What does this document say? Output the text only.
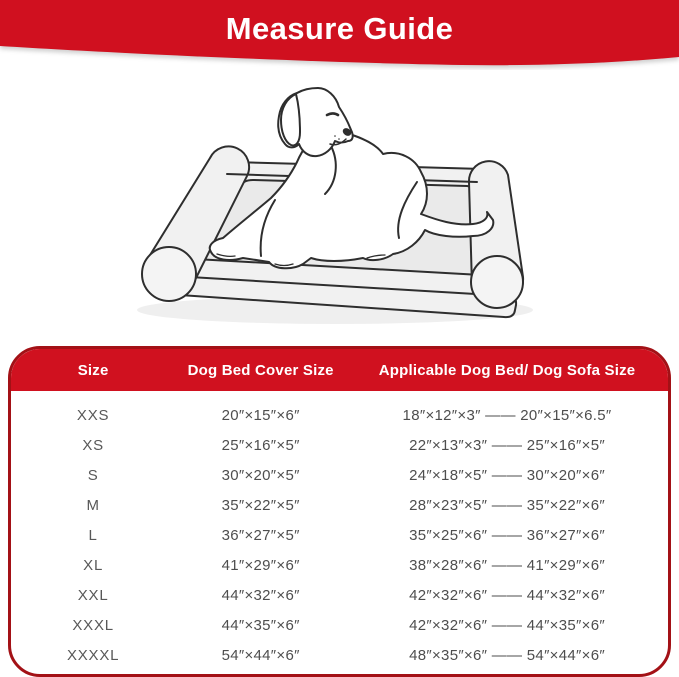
Measure Guide
Size	Dog Bed Cover Size	Applicable Dog Bed/ Dog Sofa Size
XXS	20″×15″×6″	18″×12″×3″ —— 20″×15″×6.5″
XS	25″×16″×5″	22″×13″×3″ —— 25″×16″×5″
S	30″×20″×5″	24″×18″×5″ —— 30″×20″×6″
M	35″×22″×5″	28″×23″×5″ —— 35″×22″×6″
L	36″×27″×5″	35″×25″×6″ —— 36″×27″×6″
XL	41″×29″×6″	38″×28″×6″ —— 41″×29″×6″
XXL	44″×32″×6″	42″×32″×6″ —— 44″×32″×6″
XXXL	44″×35″×6″	42″×32″×6″ —— 44″×35″×6″
XXXXL	54″×44″×6″	48″×35″×6″ —— 54″×44″×6″
